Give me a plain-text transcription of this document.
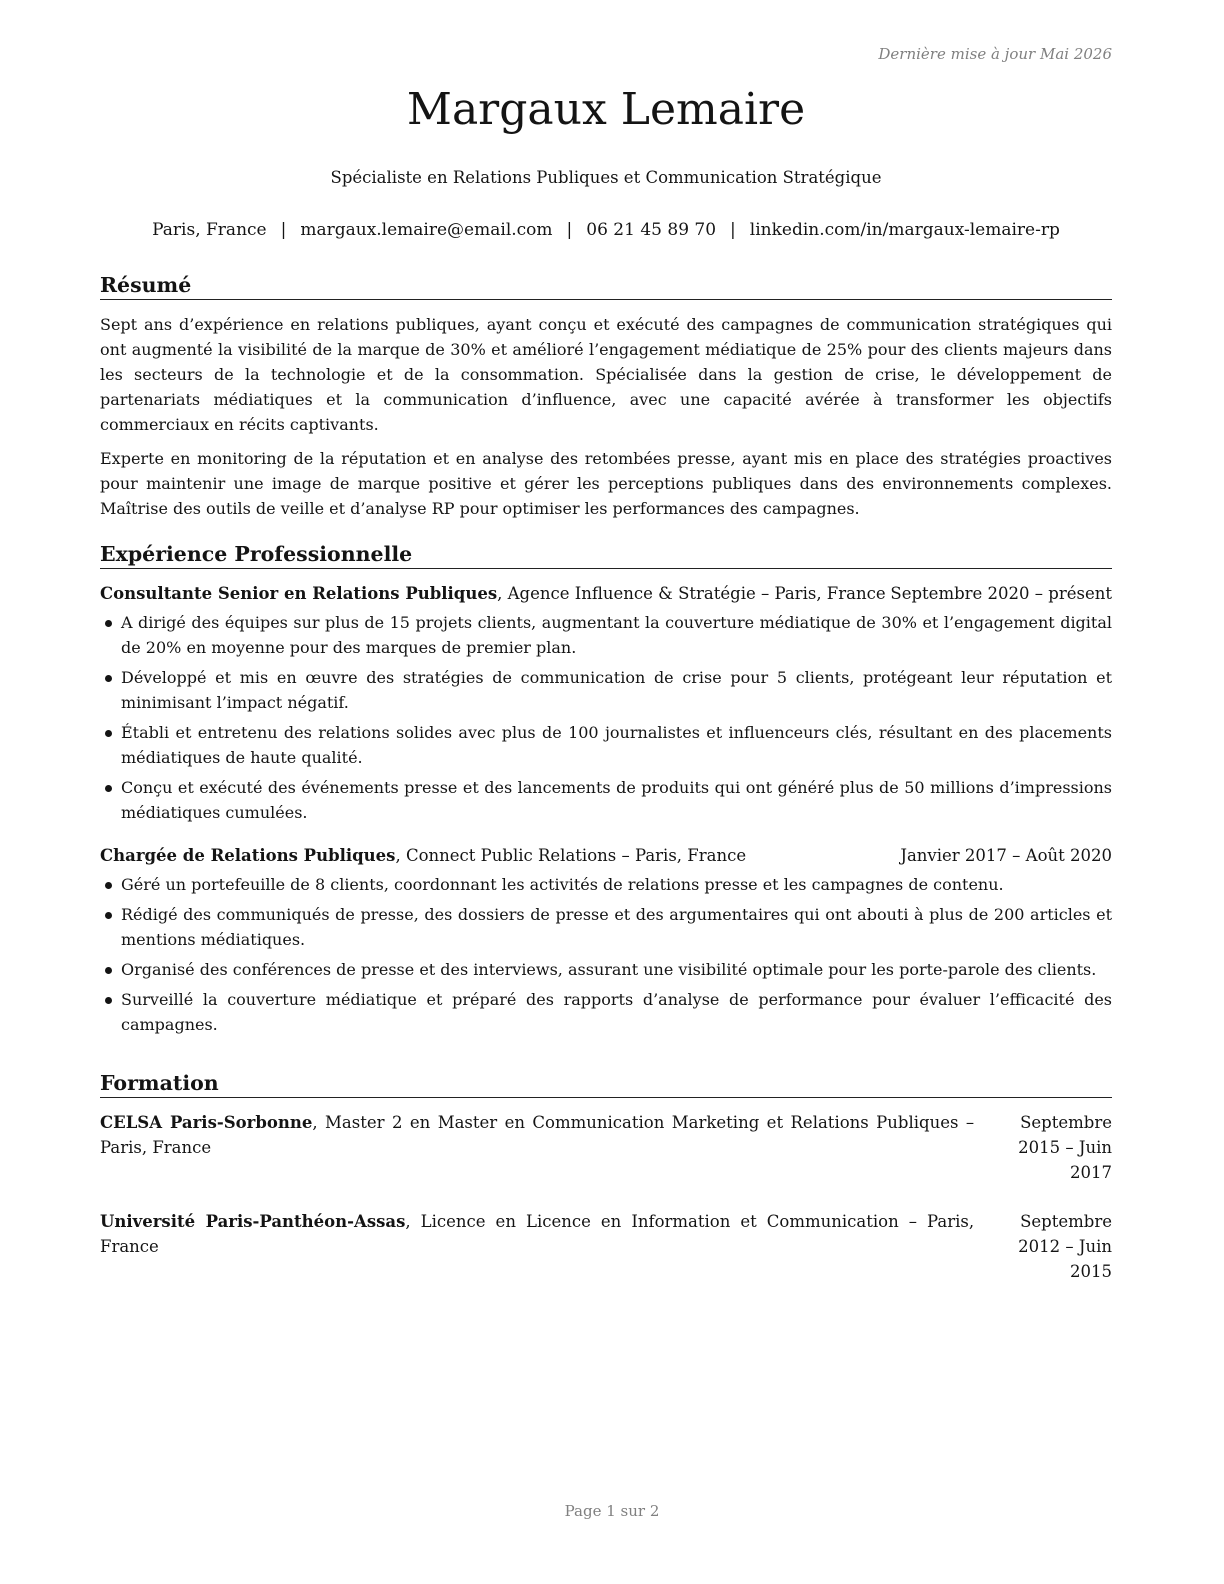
Dernière mise à jour Mai 2026
Margaux Lemaire
Spécialiste en Relations Publiques et Communication Stratégique
Paris, France | margaux.lemaire@email.com | 06 21 45 89 70 | linkedin.com/in/margaux-lemaire-rp
Résumé

Sept ans d’expérience en relations publiques, ayant conçu et exécuté des campagnes de communication stratégiques qui ont augmenté la visibilité de la marque de 30% et amélioré l’engagement médiatique de 25% pour des clients majeurs dans les secteurs de la technologie et de la consommation. Spécialisée dans la gestion de crise, le développement de partenariats médiatiques et la communication d’influence, avec une capacité avérée à transformer les objectifs commerciaux en récits captivants.

Experte en monitoring de la réputation et en analyse des retombées presse, ayant mis en place des stratégies proactives pour maintenir une image de marque positive et gérer les perceptions publiques dans des environnements complexes. Maîtrise des outils de veille et d’analyse RP pour optimiser les performances des campagnes.

Expérience Professionnelle
Consultante Senior en Relations Publiques, Agence Influence & Stratégie – Paris, France Septembre 2020 – présent
A dirigé des équipes sur plus de 15 projets clients, augmentant la couverture médiatique de 30% et l’engagement digital de 20% en moyenne pour des marques de premier plan.
Développé et mis en œuvre des stratégies de communication de crise pour 5 clients, protégeant leur réputation et minimisant l’impact négatif.
Établi et entretenu des relations solides avec plus de 100 journalistes et influenceurs clés, résultant en des placements médiatiques de haute qualité.
Conçu et exécuté des événements presse et des lancements de produits qui ont généré plus de 50 millions d’impressions médiatiques cumulées.
Chargée de Relations Publiques, Connect Public Relations – Paris, France	Janvier 2017 – Août 2020
Géré un portefeuille de 8 clients, coordonnant les activités de relations presse et les campagnes de contenu.
Rédigé des communiqués de presse, des dossiers de presse et des argumentaires qui ont abouti à plus de 200 articles et mentions médiatiques.
Organisé des conférences de presse et des interviews, assurant une visibilité optimale pour les porte-parole des clients.
Surveillé la couverture médiatique et préparé des rapports d’analyse de performance pour évaluer l’efficacité des campagnes.
Formation
CELSA Paris-Sorbonne, Master 2 en Master en Communication Marketing et Relations Publiques – Paris, France
Septembre 2015 – Juin 2017
Université Paris-Panthéon-Assas, Licence en Licence en Information et Communication – Paris, France
Septembre 2012 – Juin 2015
Page 1 sur 2
